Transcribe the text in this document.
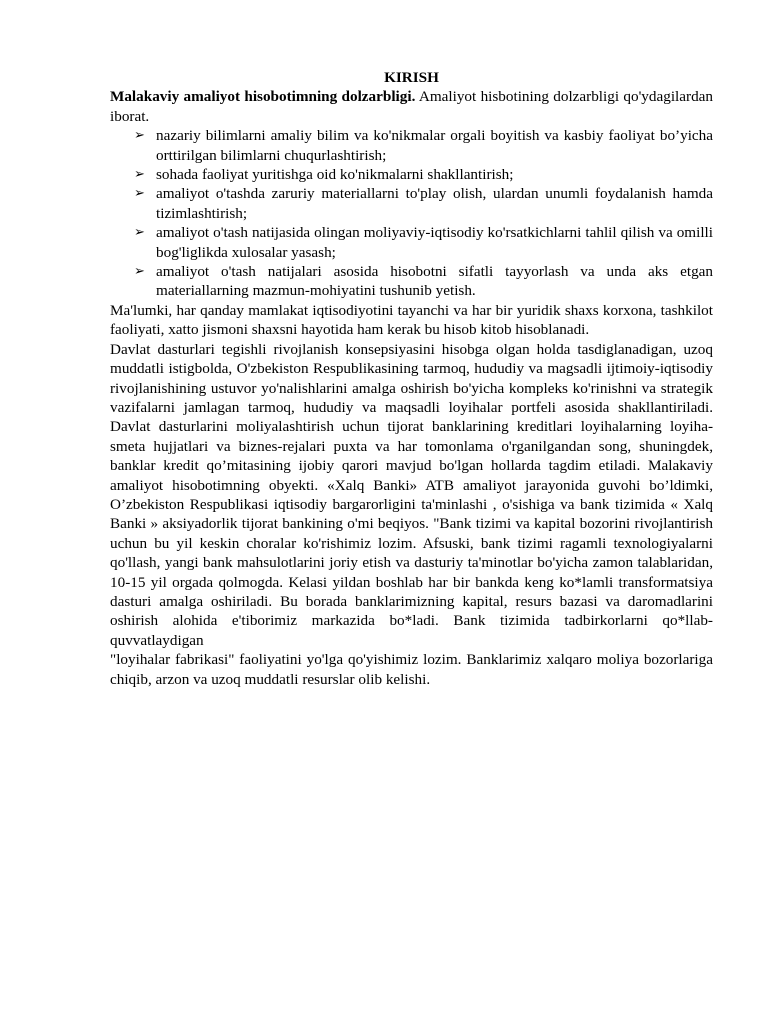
KIRISH

Malakaviy amaliyot hisobotimning dolzarbligi. Amaliyot hisbotining dolzarbligi qo'ydagilardan iborat.

➢ nazariy bilimlarni amaliy bilim va ko'nikmalar orgali boyitish va kasbiy faoliyat bo’yicha orttirilgan bilimlarni chuqurlashtirish;
➢ sohada faoliyat yuritishga oid ko'nikmalarni shakllantirish;
➢ amaliyot o'tashda zaruriy materiallarni to'play olish, ulardan unumli foydalanish hamda tizimlashtirish;
➢ amaliyot o'tash natijasida olingan moliyaviy-iqtisodiy ko'rsatkichlarni tahlil qilish va omilli bog'liglikda xulosalar yasash;
➢ amaliyot o'tash natijalari asosida hisobotni sifatli tayyorlash va unda aks etgan materiallarning mazmun-mohiyatini tushunib yetish.

Ma'lumki, har qanday mamlakat iqtisodiyotini tayanchi va har bir yuridik shaxs korxona, tashkilot faoliyati, xatto jismoni shaxsni hayotida ham kerak bu hisob kitob hisoblanadi.

Davlat dasturlari tegishli rivojlanish konsepsiyasini hisobga olgan holda tasdiglanadigan, uzoq muddatli istigbolda, O'zbekiston Respublikasining tarmoq, hududiy va magsadli ijtimoiy-iqtisodiy rivojlanishining ustuvor yo'nalishlarini amalga oshirish bo'yicha kompleks ko'rinishni va strategik vazifalarni jamlagan tarmoq, hududiy va maqsadli loyihalar portfeli asosida shakllantiriladi. Davlat dasturlarini moliyalashtirish uchun tijorat banklarining kreditlari loyihalarning loyiha-smeta hujjatlari va biznes-rejalari puxta va har tomonlama o'rganilgandan song, shuningdek, banklar kredit qo’mitasining ijobiy qarori mavjud bo'lgan hollarda tagdim etiladi. Malakaviy amaliyot hisobotimning obyekti. «Xalq Banki» ATB amaliyot jarayonida guvohi bo’ldimki, O’zbekiston Respublikasi iqtisodiy bargarorligini ta'minlashi , o'sishiga va bank tizimida « Xalq Banki » aksiyadorlik tijorat bankining o'mi beqiyos. "Bank tizimi va kapital bozorini rivojlantirish uchun bu yil keskin choralar ko'rishimiz lozim. Afsuski, bank tizimi ragamli texnologiyalarni qo'llash, yangi bank mahsulotlarini joriy etish va dasturiy ta'minotlar bo'yicha zamon talablaridan, 10-15 yil orgada qolmogda. Kelasi yildan boshlab har bir bankda keng ko*lamli transformatsiya dasturi amalga oshiriladi. Bu borada banklarimizning kapital, resurs bazasi va daromadlarini oshirish alohida e'tiborimiz markazida bo*ladi. Bank tizimida tadbirkorlarni qo*llab-

quvvatlaydigan

"loyihalar fabrikasi" faoliyatini yo'lga qo'yishimiz lozim. Banklarimiz xalqaro moliya bozorlariga chiqib, arzon va uzoq muddatli resurslar olib kelishi.
